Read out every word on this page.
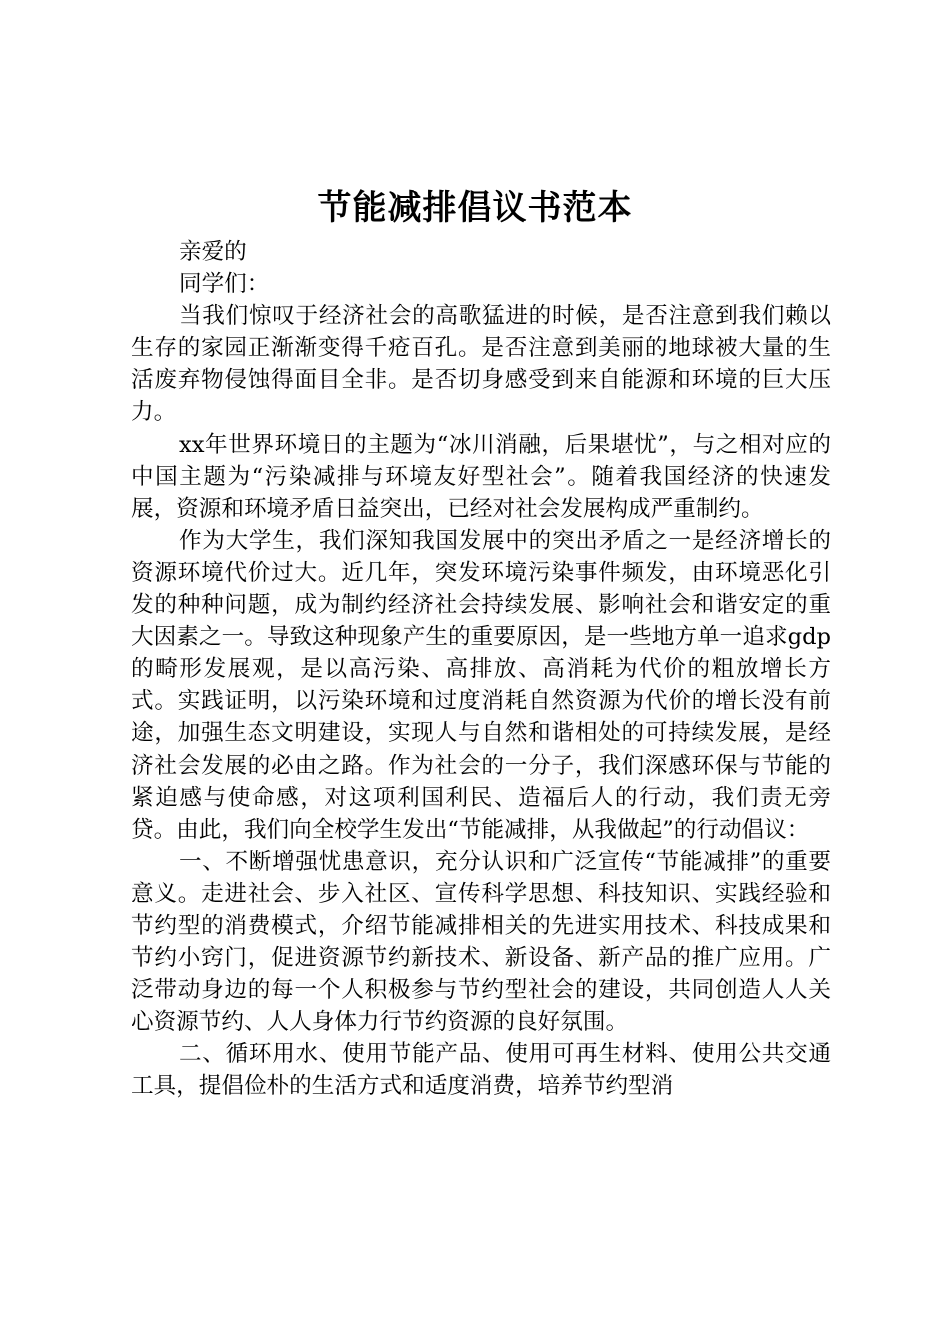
节能减排倡议书范本
亲爱的
同学们：

当我们惊叹于经济社会的高歌猛进的时候，是否注意到我们赖以生存的家园正渐渐变得千疮百孔。是否注意到美丽的地球被大量的生活废弃物侵蚀得面目全非。是否切身感受到来自能源和环境的巨大压力。

xx年世界环境日的主题为“冰川消融，后果堪忧”，与之相对应的中国主题为“污染减排与环境友好型社会”。随着我国经济的快速发展，资源和环境矛盾日益突出，已经对社会发展构成严重制约。

作为大学生，我们深知我国发展中的突出矛盾之一是经济增长的资源环境代价过大。近几年，突发环境污染事件频发，由环境恶化引发的种种问题，成为制约经济社会持续发展、影响社会和谐安定的重大因素之一。导致这种现象产生的重要原因，是一些地方单一追求gdp的畸形发展观，是以高污染、高排放、高消耗为代价的粗放增长方式。实践证明，以污染环境和过度消耗自然资源为代价的增长没有前途，加强生态文明建设，实现人与自然和谐相处的可持续发展，是经济社会发展的必由之路。作为社会的一分子，我们深感环保与节能的紧迫感与使命感，对这项利国利民、造福后人的行动，我们责无旁贷。由此，我们向全校学生发出“节能减排，从我做起”的行动倡议：

一、不断增强忧患意识，充分认识和广泛宣传“节能减排”的重要意义。走进社会、步入社区、宣传科学思想、科技知识、实践经验和节约型的消费模式，介绍节能减排相关的先进实用技术、科技成果和节约小窍门，促进资源节约新技术、新设备、新产品的推广应用。广泛带动身边的每一个人积极参与节约型社会的建设，共同创造人人关心资源节约、人人身体力行节约资源的良好氛围。

二、循环用水、使用节能产品、使用可再生材料、使用公共交通工具，提倡俭朴的生活方式和适度消费，培养节约型消
